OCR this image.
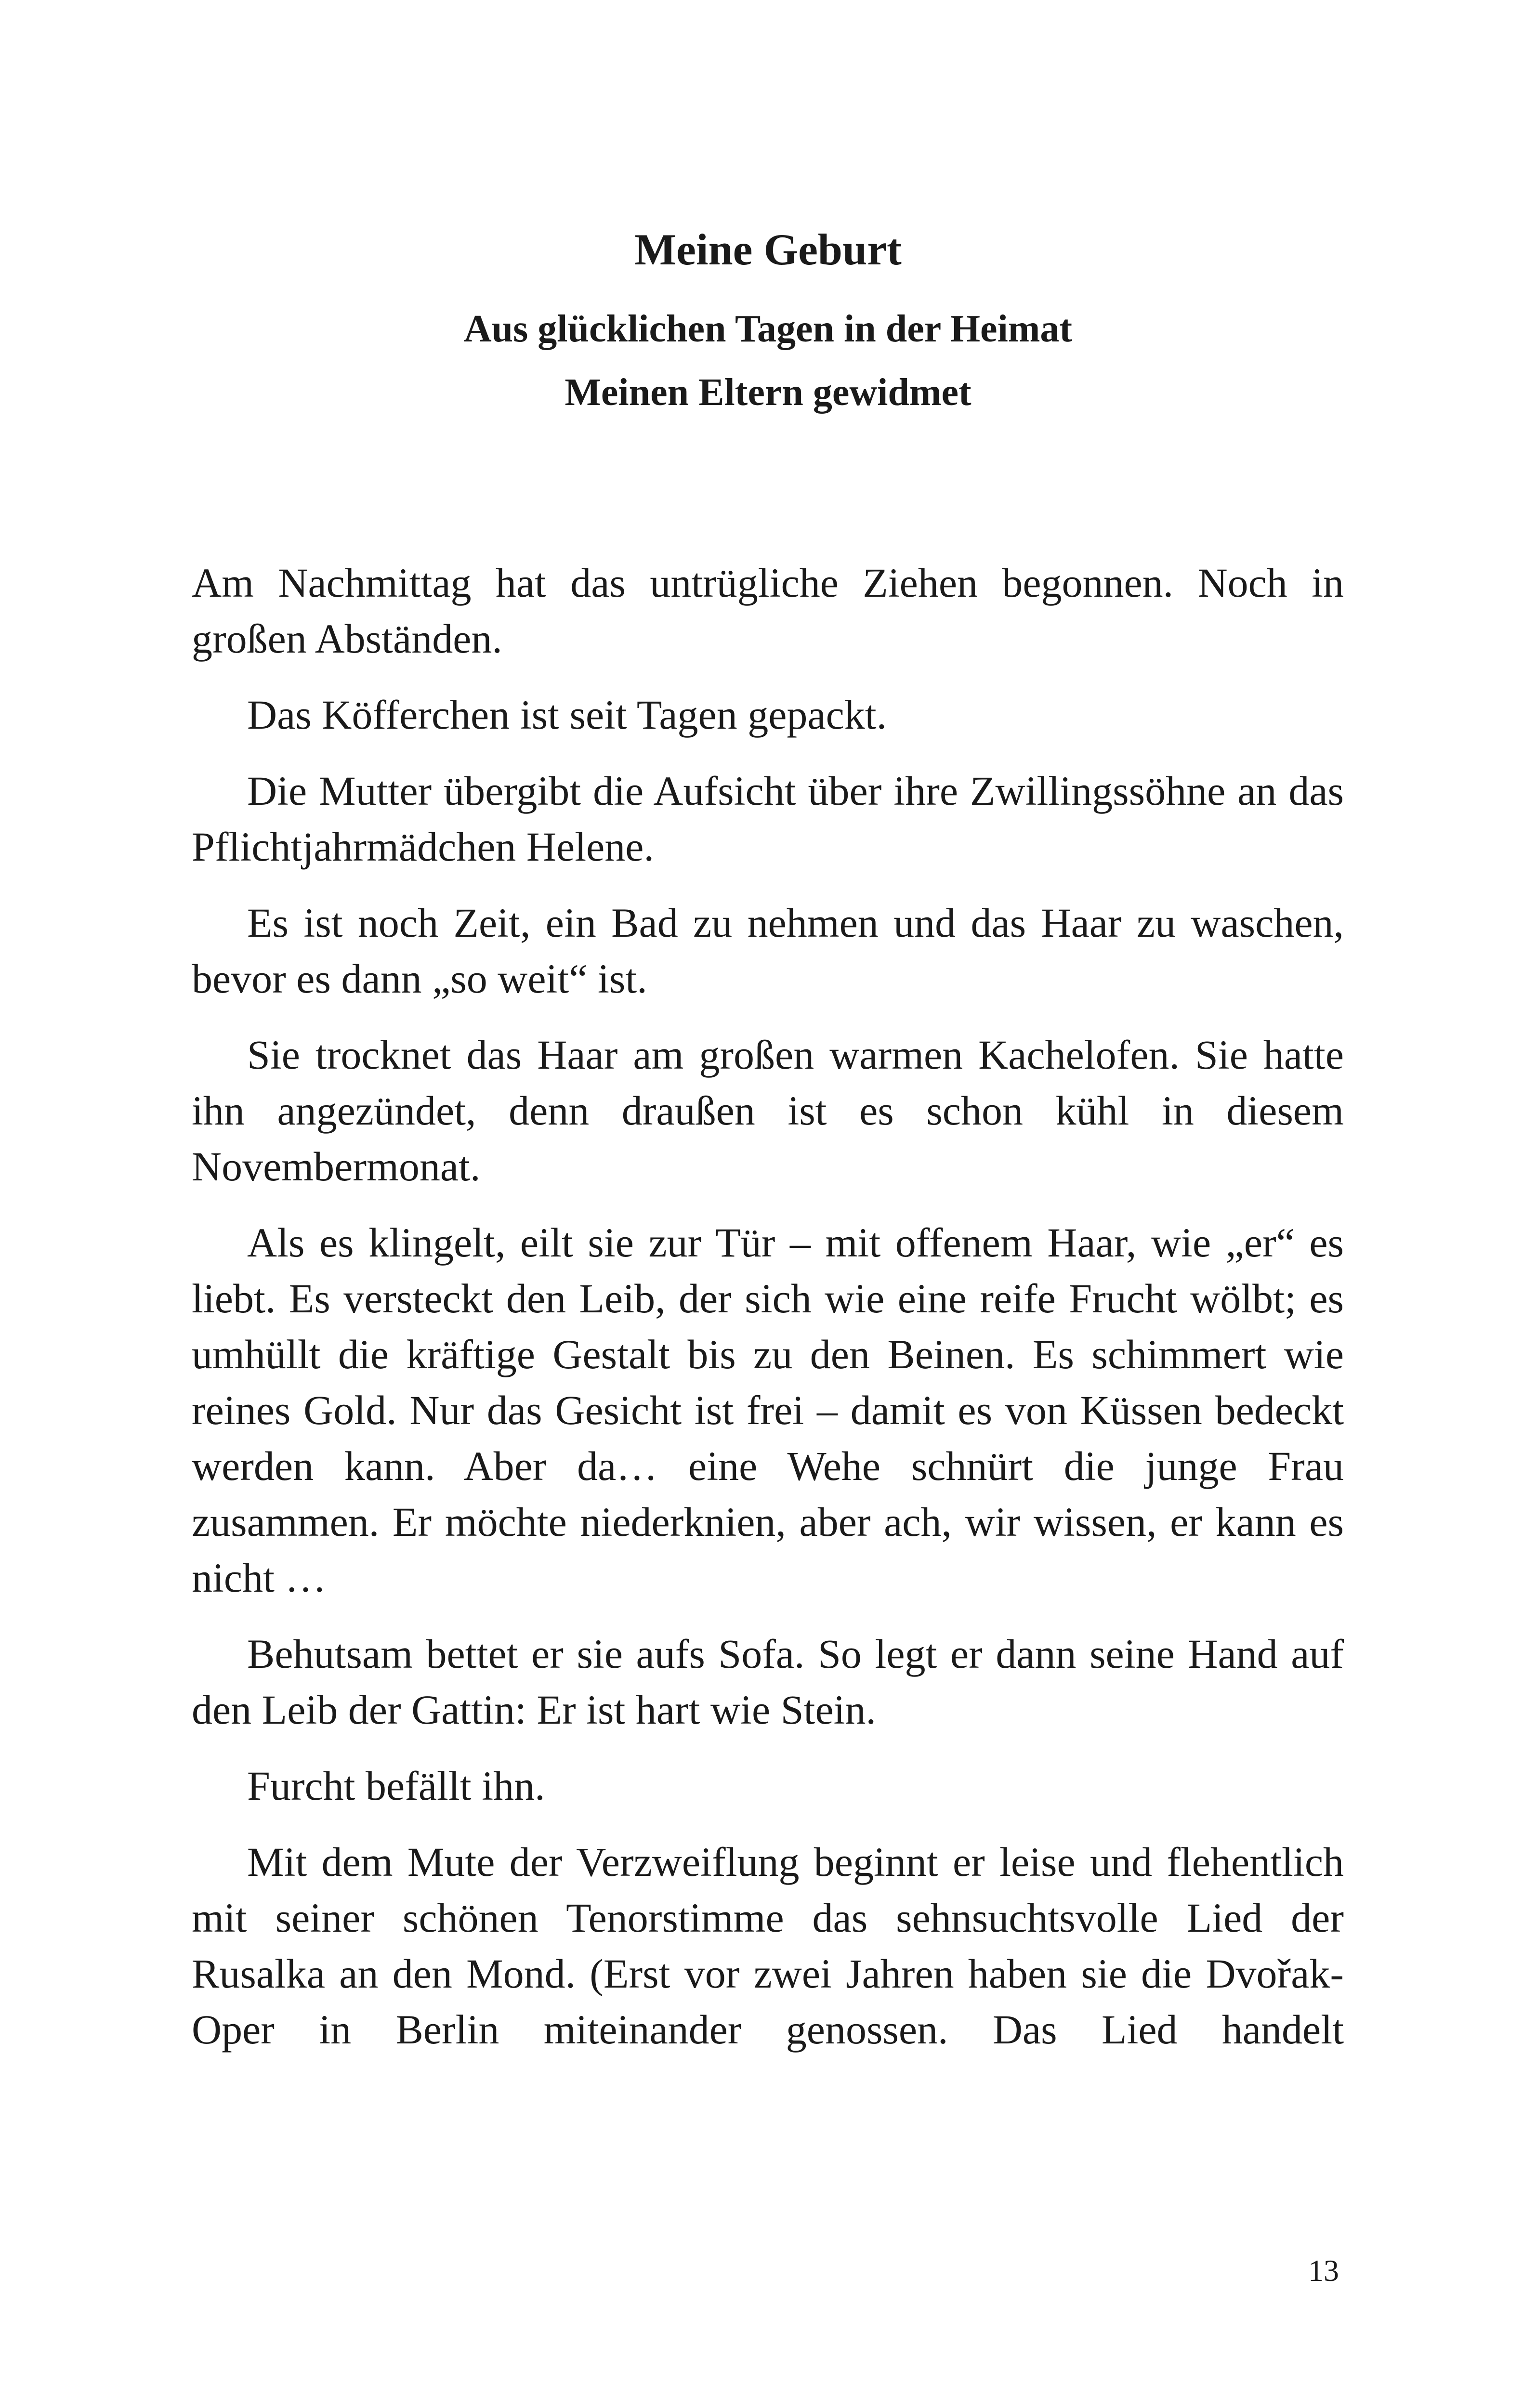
Meine Geburt
Aus glücklichen Tagen in der Heimat
Meinen Eltern gewidmet

Am Nachmittag hat das untrügliche Ziehen begonnen. Noch in großen Abständen.

Das Köfferchen ist seit Tagen gepackt.

Die Mutter übergibt die Aufsicht über ihre Zwillingssöhne an das Pflichtjahrmädchen Helene.

Es ist noch Zeit, ein Bad zu nehmen und das Haar zu waschen, bevor es dann „so weit“ ist.

Sie trocknet das Haar am großen warmen Kachelofen. Sie hatte ihn angezündet, denn draußen ist es schon kühl in diesem Novembermonat.

Als es klingelt, eilt sie zur Tür – mit offenem Haar, wie „er“ es liebt. Es versteckt den Leib, der sich wie eine reife Frucht wölbt; es umhüllt die kräftige Gestalt bis zu den Beinen. Es schimmert wie reines Gold. Nur das Gesicht ist frei – damit es von Küssen bedeckt werden kann. Aber da… eine Wehe schnürt die junge Frau zusammen. Er möchte niederknien, aber ach, wir wissen, er kann es nicht …

Behutsam bettet er sie aufs Sofa. So legt er dann seine Hand auf den Leib der Gattin: Er ist hart wie Stein.

Furcht befällt ihn.

Mit dem Mute der Verzweiflung beginnt er leise und flehentlich mit seiner schönen Tenorstimme das sehnsuchtsvolle Lied der Rusalka an den Mond. (Erst vor zwei Jahren haben sie die Dvořak-Oper in Berlin miteinander genossen. Das Lied handelt

13
